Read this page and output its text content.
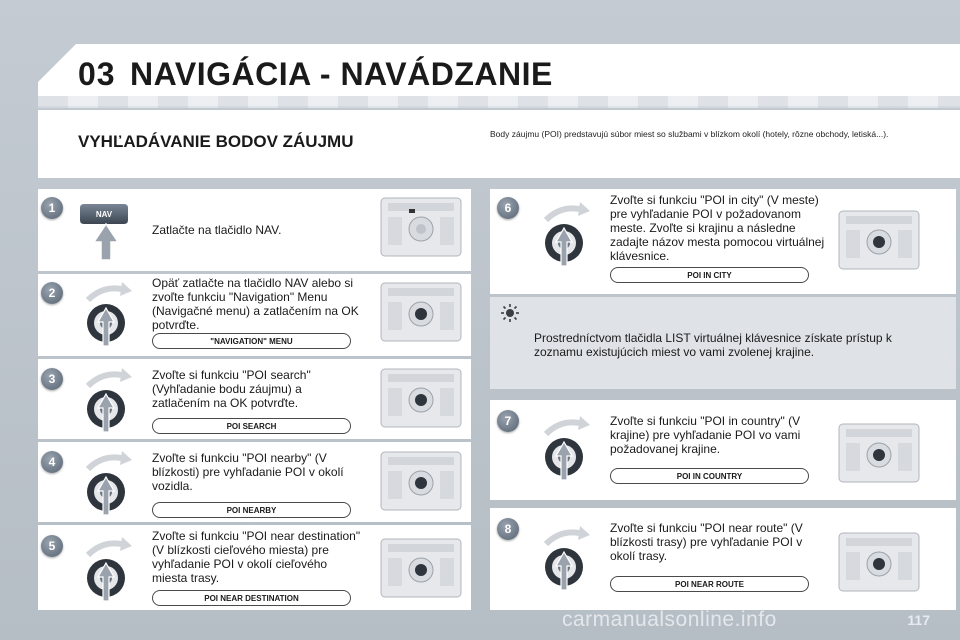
03 NAVIGÁCIA - NAVÁDZANIE
VYHĽADÁVANIE BODOV ZÁUJMU	Body záujmu (POI) predstavujú súbor miest so službami v blízkom okolí (hotely, rôzne obchody, letiská...).
1	NAV
Zatlačte na tlačidlo NAV.
2
Opäť zatlačte na tlačidlo NAV alebo si zvoľte funkciu "Navigation" Menu (Navigačné menu) a zatlačením na OK potvrďte.
"NAVIGATION" MENU
3	Zvoľte si funkciu "POI search" (Vyhľadanie bodu záujmu) a zatlačením na OK potvrďte.
POI SEARCH
4	Zvoľte si funkciu "POI nearby" (V blízkosti) pre vyhľadanie POI v okolí vozidla.
POI NEARBY
5
Zvoľte si funkciu "POI near destination" (V blízkosti cieľového miesta) pre vyhľadanie POI v okolí cieľového miesta trasy.
POI NEAR DESTINATION
6
Zvoľte si funkciu "POI in city" (V meste) pre vyhľadanie POI v požadovanom meste. Zvoľte si krajinu a následne zadajte názov mesta pomocou virtuálnej klávesnice.
POI IN CITY
Prostredníctvom tlačidla LIST virtuálnej klávesnice získate prístup k zoznamu existujúcich miest vo vami zvolenej krajine.
7	Zvoľte si funkciu "POI in country" (V krajine) pre vyhľadanie POI vo vami požadovanej krajine.
POI IN COUNTRY
8	Zvoľte si funkciu "POI near route" (V blízkosti trasy) pre vyhľadanie POI v okolí trasy.
POI NEAR ROUTE
carmanualsonline.info	117
